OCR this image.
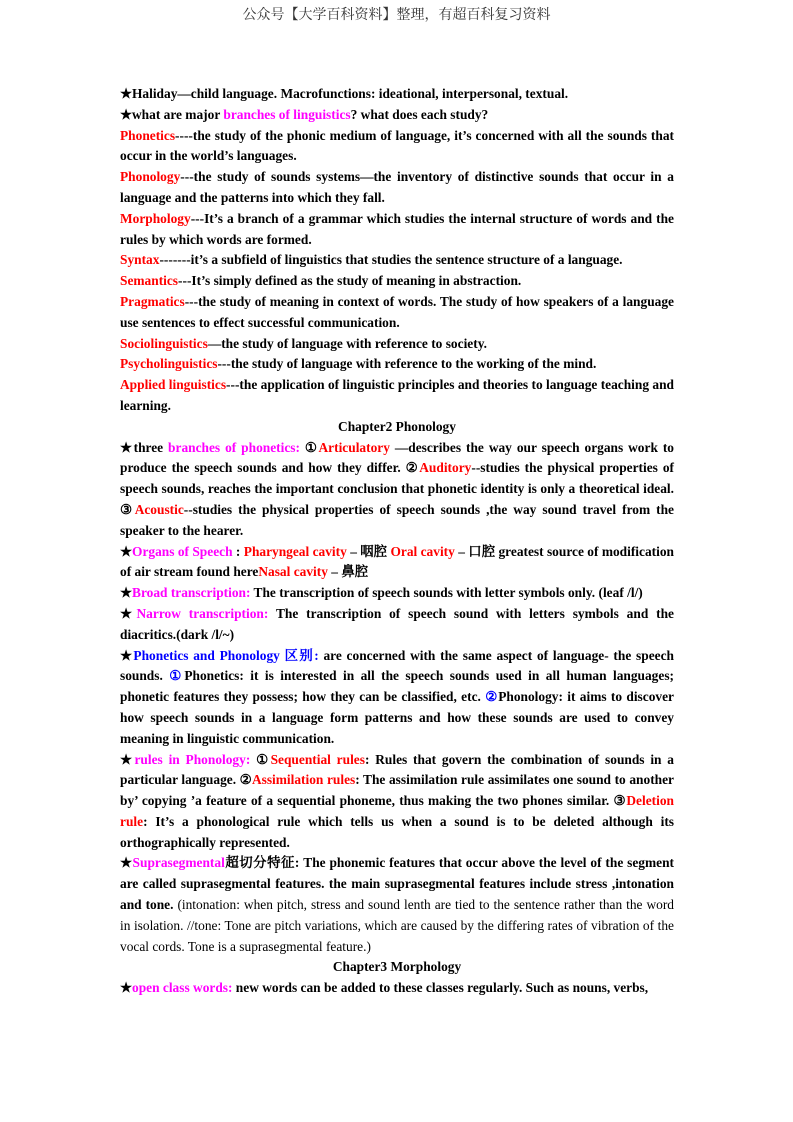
公众号【大学百科资料】整理，有超百科复习资料

★Haliday—child language. Macrofunctions: ideational, interpersonal, textual.

★what are major branches of linguistics? what does each study?

Phonetics----the study of the phonic medium of language, it’s concerned with all the sounds that occur in the world’s languages.

Phonology---the study of sounds systems—the inventory of distinctive sounds that occur in a language and the patterns into which they fall.

Morphology---It’s a branch of a grammar which studies the internal structure of words and the rules by which words are formed.

Syntax-------it’s a subfield of linguistics that studies the sentence structure of a language.

Semantics---It’s simply defined as the study of meaning in abstraction.

Pragmatics---the study of meaning in context of words. The study of how speakers of a language use sentences to effect successful communication.

Sociolinguistics—the study of language with reference to society.

Psycholinguistics---the study of language with reference to the working of the mind.

Applied linguistics---the application of linguistic principles and theories to language teaching and learning.

Chapter2 Phonology

★three branches of phonetics: ①Articulatory —describes the way our speech organs work to produce the speech sounds and how they differ. ②Auditory--studies the physical properties of speech sounds, reaches the important conclusion that phonetic identity is only a theoretical ideal. ③Acoustic--studies the physical properties of speech sounds ,the way sound travel from the speaker to the hearer.

★Organs of Speech : Pharyngeal cavity – 咽腔 Oral cavity – 口腔 greatest source of modification of air stream found hereNasal cavity – 鼻腔

★Broad transcription: The transcription of speech sounds with letter symbols only. (leaf /l/)

★Narrow transcription: The transcription of speech sound with letters symbols and the diacritics.(dark /l/~)

★Phonetics and Phonology 区别: are concerned with the same aspect of language- the speech sounds. ①Phonetics: it is interested in all the speech sounds used in all human languages; phonetic features they possess; how they can be classified, etc. ②Phonology: it aims to discover how speech sounds in a language form patterns and how these sounds are used to convey meaning in linguistic communication.

★rules in Phonology: ①Sequential rules: Rules that govern the combination of sounds in a particular language. ②Assimilation rules: The assimilation rule assimilates one sound to another by’ copying ’a feature of a sequential phoneme, thus making the two phones similar. ③Deletion rule: It’s a phonological rule which tells us when a sound is to be deleted although its orthographically represented.

★Suprasegmental超切分特征: The phonemic features that occur above the level of the segment are called suprasegmental features. the main suprasegmental features include stress ,intonation and tone. (intonation: when pitch, stress and sound lenth are tied to the sentence rather than the word in isolation. //tone: Tone are pitch variations, which are caused by the differing rates of vibration of the vocal cords. Tone is a suprasegmental feature.)

Chapter3 Morphology

★open class words: new words can be added to these classes regularly. Such as nouns, verbs,
